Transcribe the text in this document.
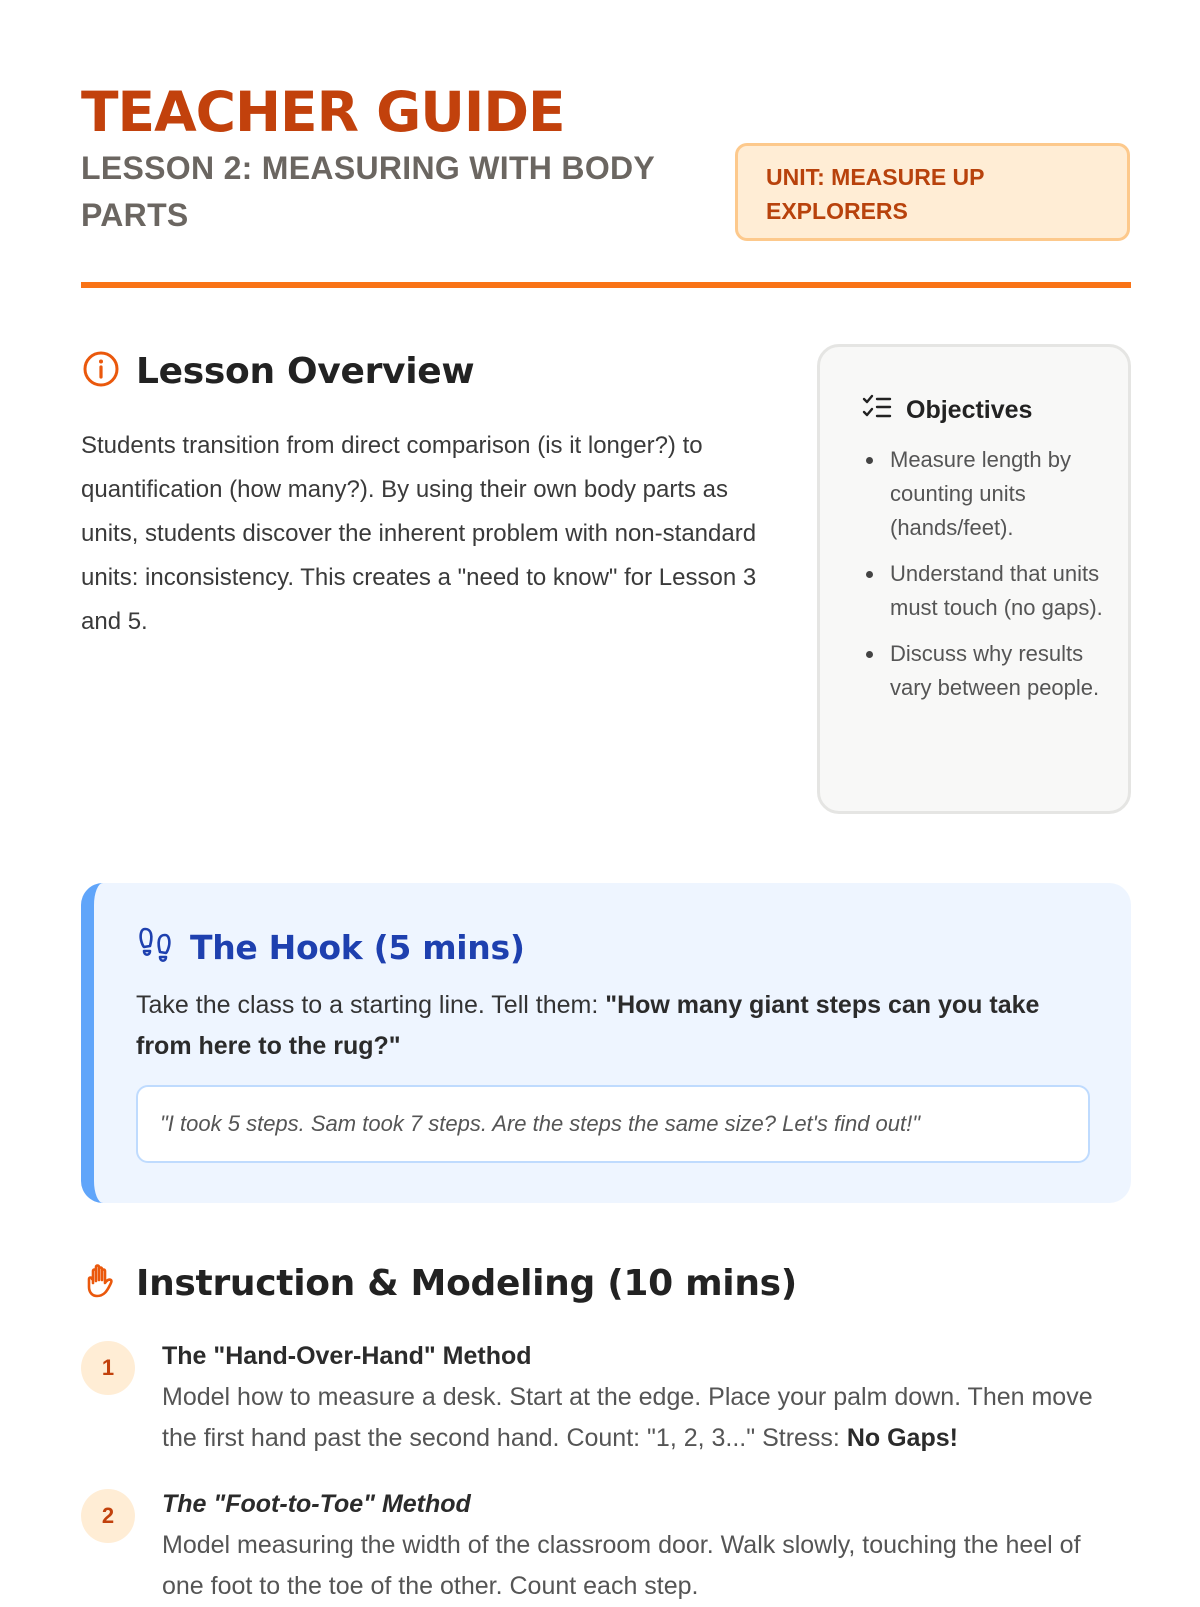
TEACHER GUIDE

LESSON 2: MEASURING WITH BODY PARTS

UNIT: MEASURE UP EXPLORERS
Lesson Overview

Students transition from direct comparison (is it longer?) to quantification (how many?). By using their own body parts as units, students discover the inherent problem with non-standard units: inconsistency. This creates a "need to know" for Lesson 3 and 5.

Objectives
Measure length by counting units (hands/feet).
Understand that units must touch (no gaps).
Discuss why results vary between people.
The Hook (5 mins)

Take the class to a starting line. Tell them: "How many giant steps can you take from here to the rug?"

"I took 5 steps. Sam took 7 steps. Are the steps the same size? Let's find out!"
Instruction & Modeling (10 mins)
1	The "Hand-Over-Hand" Method

Model how to measure a desk. Start at the edge. Place your palm down. Then move the first hand past the second hand. Count: "1, 2, 3..." Stress: No Gaps!

2	The "Foot-to-Toe" Method

Model measuring the width of the classroom door. Walk slowly, touching the heel of one foot to the toe of the other. Count each step.
